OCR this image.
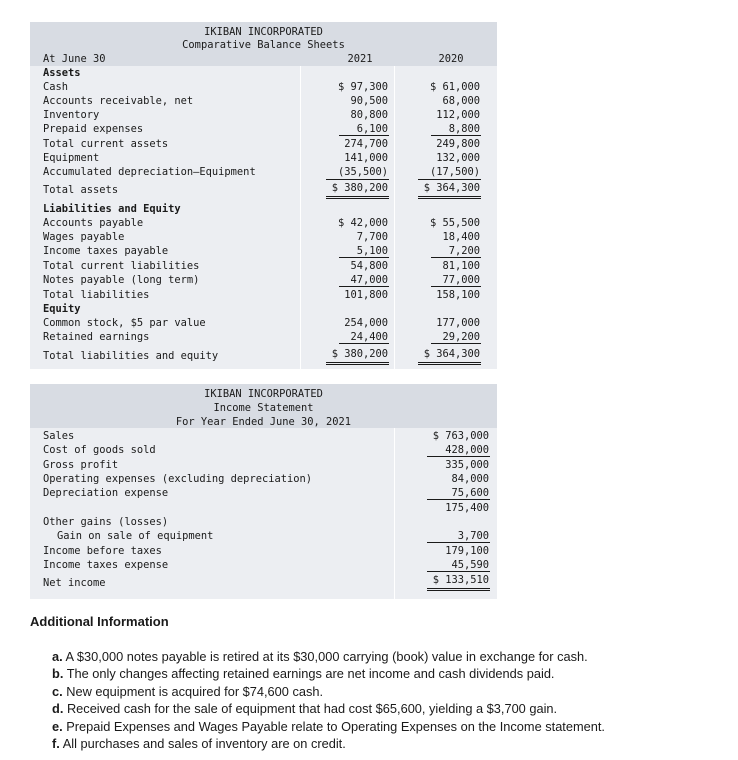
IKIBAN INCORPORATED
Comparative Balance Sheets
At June 30	2021	2020
Assets
Cash	$ 97,300	$ 61,000
Accounts receivable, net	90,500	68,000
Inventory	80,800	112,000
Prepaid expenses	6,100	8,800
Total current assets	274,700	249,800
Equipment	141,000	132,000
Accumulated depreciation—Equipment	(35,500)	(17,500)
Total assets	$ 380,200	$ 364,300
Liabilities and Equity
Accounts payable	$ 42,000	$ 55,500
Wages payable	7,700	18,400
Income taxes payable	5,100	7,200
Total current liabilities	54,800	81,100
Notes payable (long term)	47,000	77,000
Total liabilities	101,800	158,100
Equity
Common stock, $5 par value	254,000	177,000
Retained earnings	24,400	29,200
Total liabilities and equity	$ 380,200	$ 364,300
IKIBAN INCORPORATED
Income Statement
For Year Ended June 30, 2021
Sales	$ 763,000
Cost of goods sold	428,000
Gross profit	335,000
Operating expenses (excluding depreciation)	84,000
Depreciation expense	75,600
175,400
Other gains (losses)
Gain on sale of equipment	3,700
Income before taxes	179,100
Income taxes expense	45,590
Net income	$ 133,510
Additional Information
a. A $30,000 notes payable is retired at its $30,000 carrying (book) value in exchange for cash.
b. The only changes affecting retained earnings are net income and cash dividends paid.
c. New equipment is acquired for $74,600 cash.
d. Received cash for the sale of equipment that had cost $65,600, yielding a $3,700 gain.
e. Prepaid Expenses and Wages Payable relate to Operating Expenses on the Income statement.
f. All purchases and sales of inventory are on credit.
